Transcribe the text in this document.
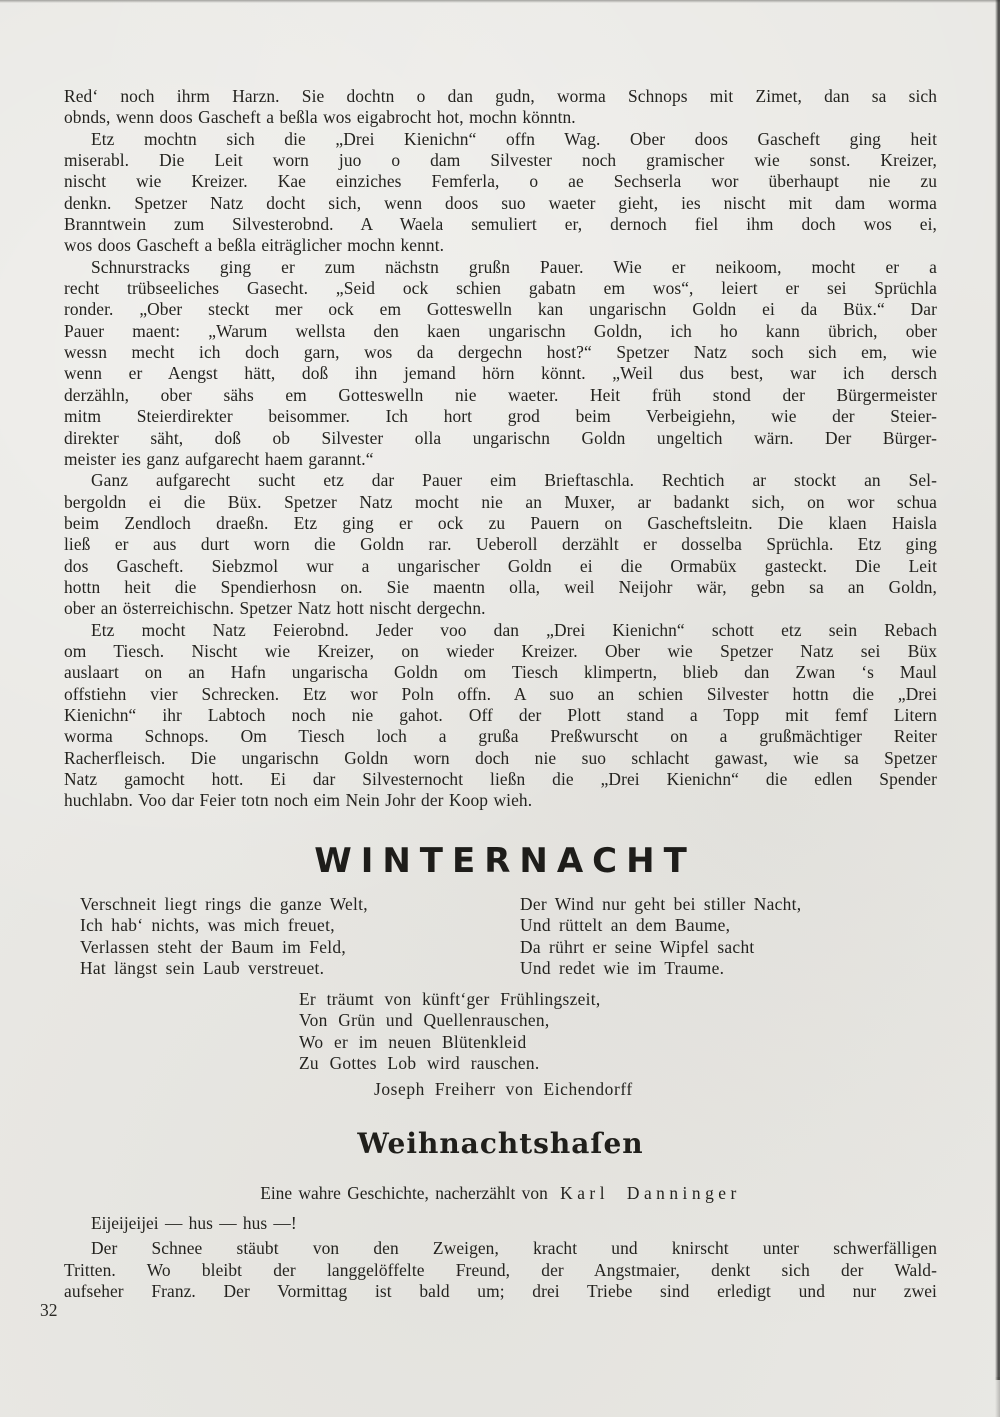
Red‘ noch ihrm Harzn. Sie dochtn o dan gudn, worma Schnops mit Zimet, dan sa sich
obnds, wenn doos Gascheft a beßla wos eigabrocht hot, mochn könntn.
Etz mochtn sich die „Drei Kienichn“ offn Wag. Ober doos Gascheft ging heit
miserabl. Die Leit worn juo o dam Silvester noch gramischer wie sonst. Kreizer,
nischt wie Kreizer. Kae einziches Femferla, o ae Sechserla wor überhaupt nie zu
denkn. Spetzer Natz docht sich, wenn doos suo waeter gieht, ies nischt mit dam worma
Branntwein zum Silvesterobnd. A Waela semuliert er, dernoch fiel ihm doch wos ei,
wos doos Gascheft a beßla eiträglicher mochn kennt.
Schnurstracks ging er zum nächstn grußn Pauer. Wie er neikoom, mocht er a
recht trübseeliches Gasecht. „Seid ock schien gabatn em wos“, leiert er sei Sprüchla
ronder. „Ober steckt mer ock em Gotteswelln kan ungarischn Goldn ei da Büx.“ Dar
Pauer maent: „Warum wellsta den kaen ungarischn Goldn, ich ho kann übrich, ober
wessn mecht ich doch garn, wos da dergechn host?“ Spetzer Natz soch sich em, wie
wenn er Aengst hätt, doß ihn jemand hörn könnt. „Weil dus best, war ich dersch
derzähln, ober sähs em Gotteswelln nie waeter. Heit früh stond der Bürgermeister
mitm Steierdirekter beisommer. Ich hort grod beim Verbeigiehn, wie der Steier-
direkter säht, doß ob Silvester olla ungarischn Goldn ungeltich wärn. Der Bürger-
meister ies ganz aufgarecht haem garannt.“
Ganz aufgarecht sucht etz dar Pauer eim Brieftaschla. Rechtich ar stockt an Sel-
bergoldn ei die Büx. Spetzer Natz mocht nie an Muxer, ar badankt sich, on wor schua
beim Zendloch draeßn. Etz ging er ock zu Pauern on Gascheftsleitn. Die klaen Haisla
ließ er aus durt worn die Goldn rar. Ueberoll derzählt er dosselba Sprüchla. Etz ging
dos Gascheft. Siebzmol wur a ungarischer Goldn ei die Ormabüx gasteckt. Die Leit
hottn heit die Spendierhosn on. Sie maentn olla, weil Neijohr wär, gebn sa an Goldn,
ober an österreichischn. Spetzer Natz hott nischt dergechn.
Etz mocht Natz Feierobnd. Jeder voo dan „Drei Kienichn“ schott etz sein Rebach
om Tiesch. Nischt wie Kreizer, on wieder Kreizer. Ober wie Spetzer Natz sei Büx
auslaart on an Hafn ungarischa Goldn om Tiesch klimpertn, blieb dan Zwan ‘s Maul
offstiehn vier Schrecken. Etz wor Poln offn. A suo an schien Silvester hottn die „Drei
Kienichn“ ihr Labtoch noch nie gahot. Off der Plott stand a Topp mit femf Litern
worma Schnops. Om Tiesch loch a grußa Preßwurscht on a grußmächtiger Reiter
Racherfleisch. Die ungarischn Goldn worn doch nie suo schlacht gawast, wie sa Spetzer
Natz gamocht hott. Ei dar Silvesternocht ließn die „Drei Kienichn“ die edlen Spender
huchlabn. Voo dar Feier totn noch eim Nein Johr der Koop wieh.
WINTERNACHT
Verschneit liegt rings die ganze Welt,
Ich hab‘ nichts, was mich freuet,
Verlassen steht der Baum im Feld,
Hat längst sein Laub verstreuet.
Der Wind nur geht bei stiller Nacht,
Und rüttelt an dem Baume,
Da rührt er seine Wipfel sacht
Und redet wie im Traume.
Er träumt von künft‘ger Frühlingszeit,
Von Grün und Quellenrauschen,
Wo er im neuen Blütenkleid
Zu Gottes Lob wird rauschen.
Joseph Freiherr von Eichendorff
Weihnachtshaſen
Eine wahre Geschichte, nacherzählt von Karl Danninger
Eijeijeijei — hus — hus —!
Der Schnee stäubt von den Zweigen, kracht und knirscht unter schwerfälligen
Tritten. Wo bleibt der langgelöffelte Freund, der Angstmaier, denkt sich der Wald-
aufseher Franz. Der Vormittag ist bald um; drei Triebe sind erledigt und nur zwei
32
